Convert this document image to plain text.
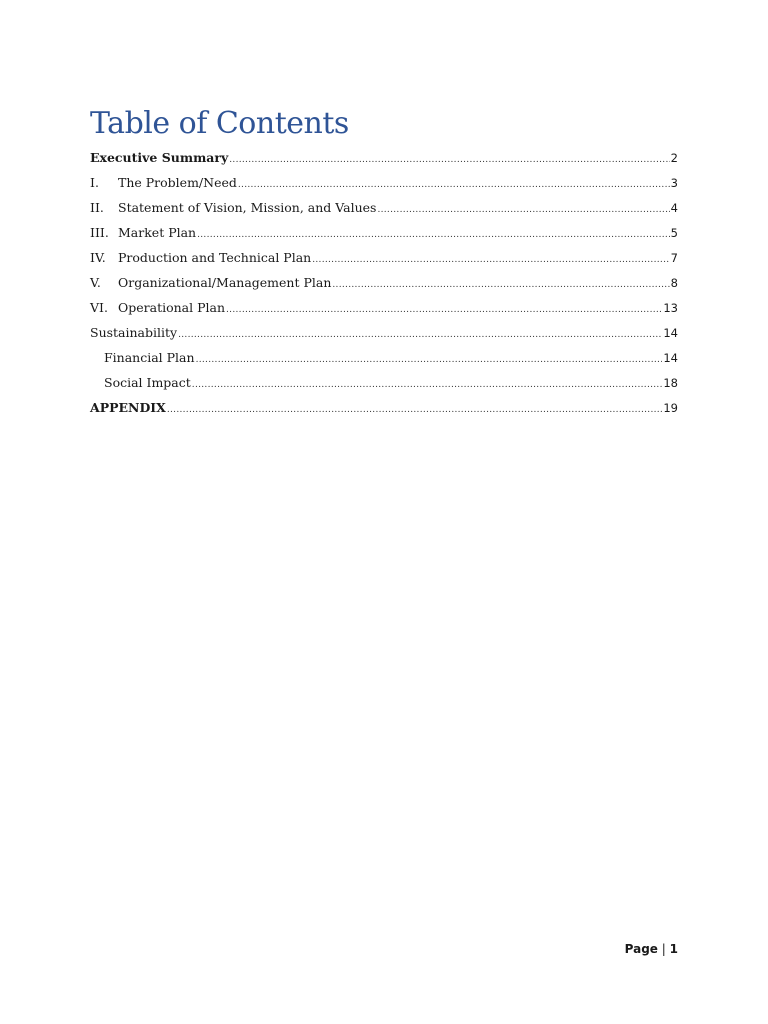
Table of Contents
Executive Summary .....	2
I.	The Problem/Need .....	3
II.	Statement of Vision, Mission, and Values .....	4
III. Market Plan .....	5
IV. Production and Technical Plan .....	7
V.	Organizational/Management Plan .....	8
VI. Operational Plan .....	13
Sustainability .....	14
Financial Plan .....	14
Social Impact .....	18
APPENDIX .....	19
Page | 1
